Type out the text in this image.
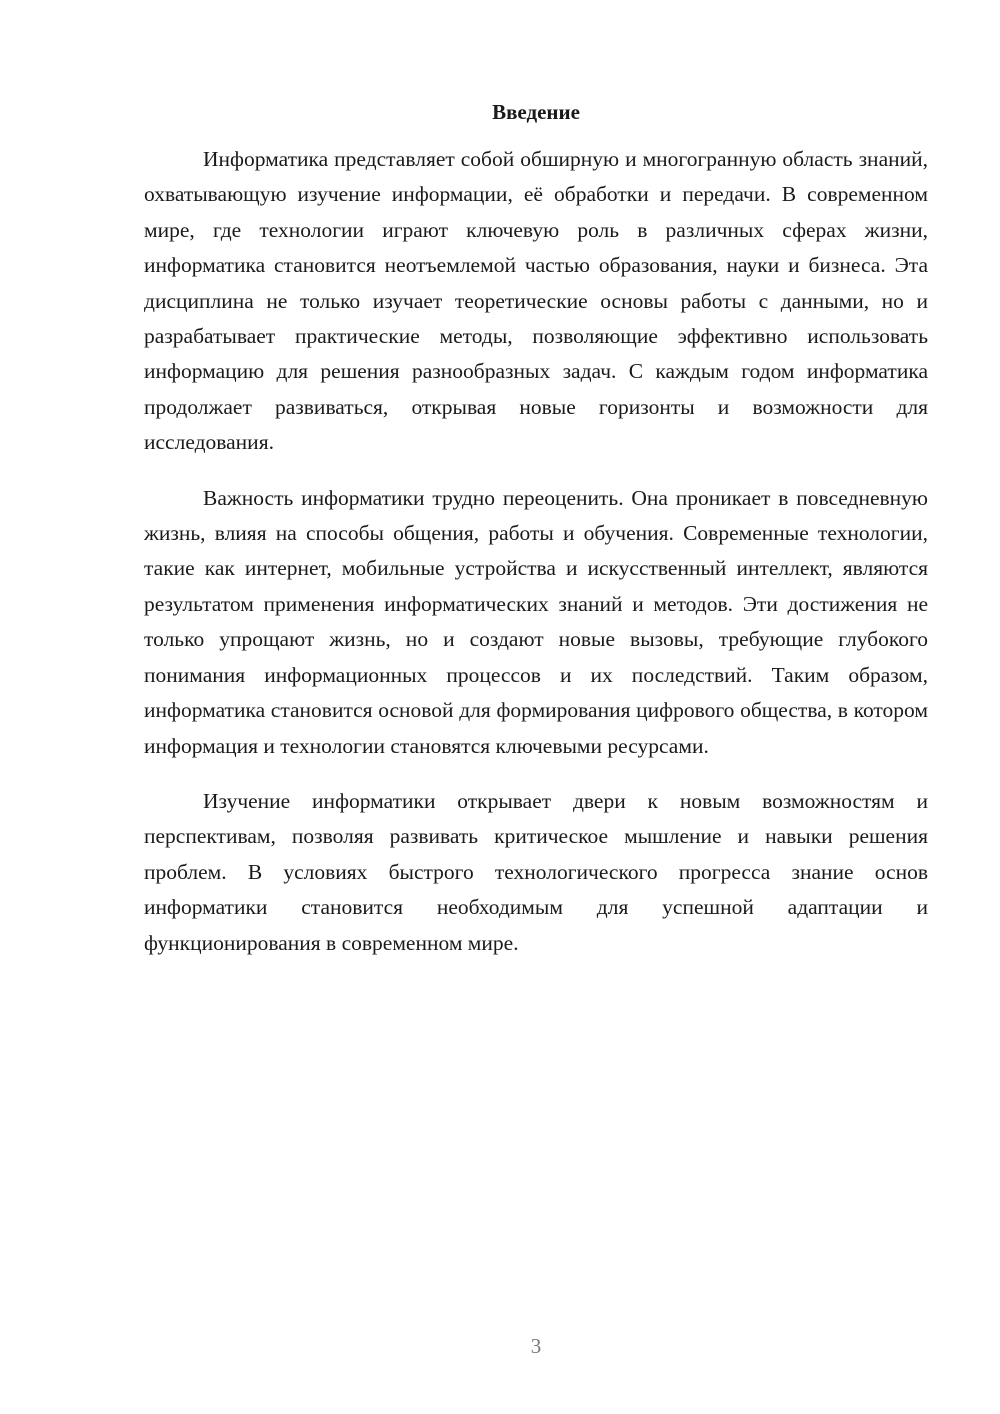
Введение

Информатика представляет собой обширную и многогранную область знаний, охватывающую изучение информации, её обработки и передачи. В современном мире, где технологии играют ключевую роль в различных сферах жизни, информатика становится неотъемлемой частью образования, науки и бизнеса. Эта дисциплина не только изучает теоретические основы работы с данными, но и разрабатывает практические методы, позволяющие эффективно использовать информацию для решения разнообразных задач. С каждым годом информатика продолжает развиваться, открывая новые горизонты и возможности для исследования.

Важность информатики трудно переоценить. Она проникает в повседневную жизнь, влияя на способы общения, работы и обучения. Современные технологии, такие как интернет, мобильные устройства и искусственный интеллект, являются результатом применения информатических знаний и методов. Эти достижения не только упрощают жизнь, но и создают новые вызовы, требующие глубокого понимания информационных процессов и их последствий. Таким образом, информатика становится основой для формирования цифрового общества, в котором информация и технологии становятся ключевыми ресурсами.

Изучение информатики открывает двери к новым возможностям и перспективам, позволяя развивать критическое мышление и навыки решения проблем. В условиях быстрого технологического прогресса знание основ информатики становится необходимым для успешной адаптации и функционирования в современном мире.

3
